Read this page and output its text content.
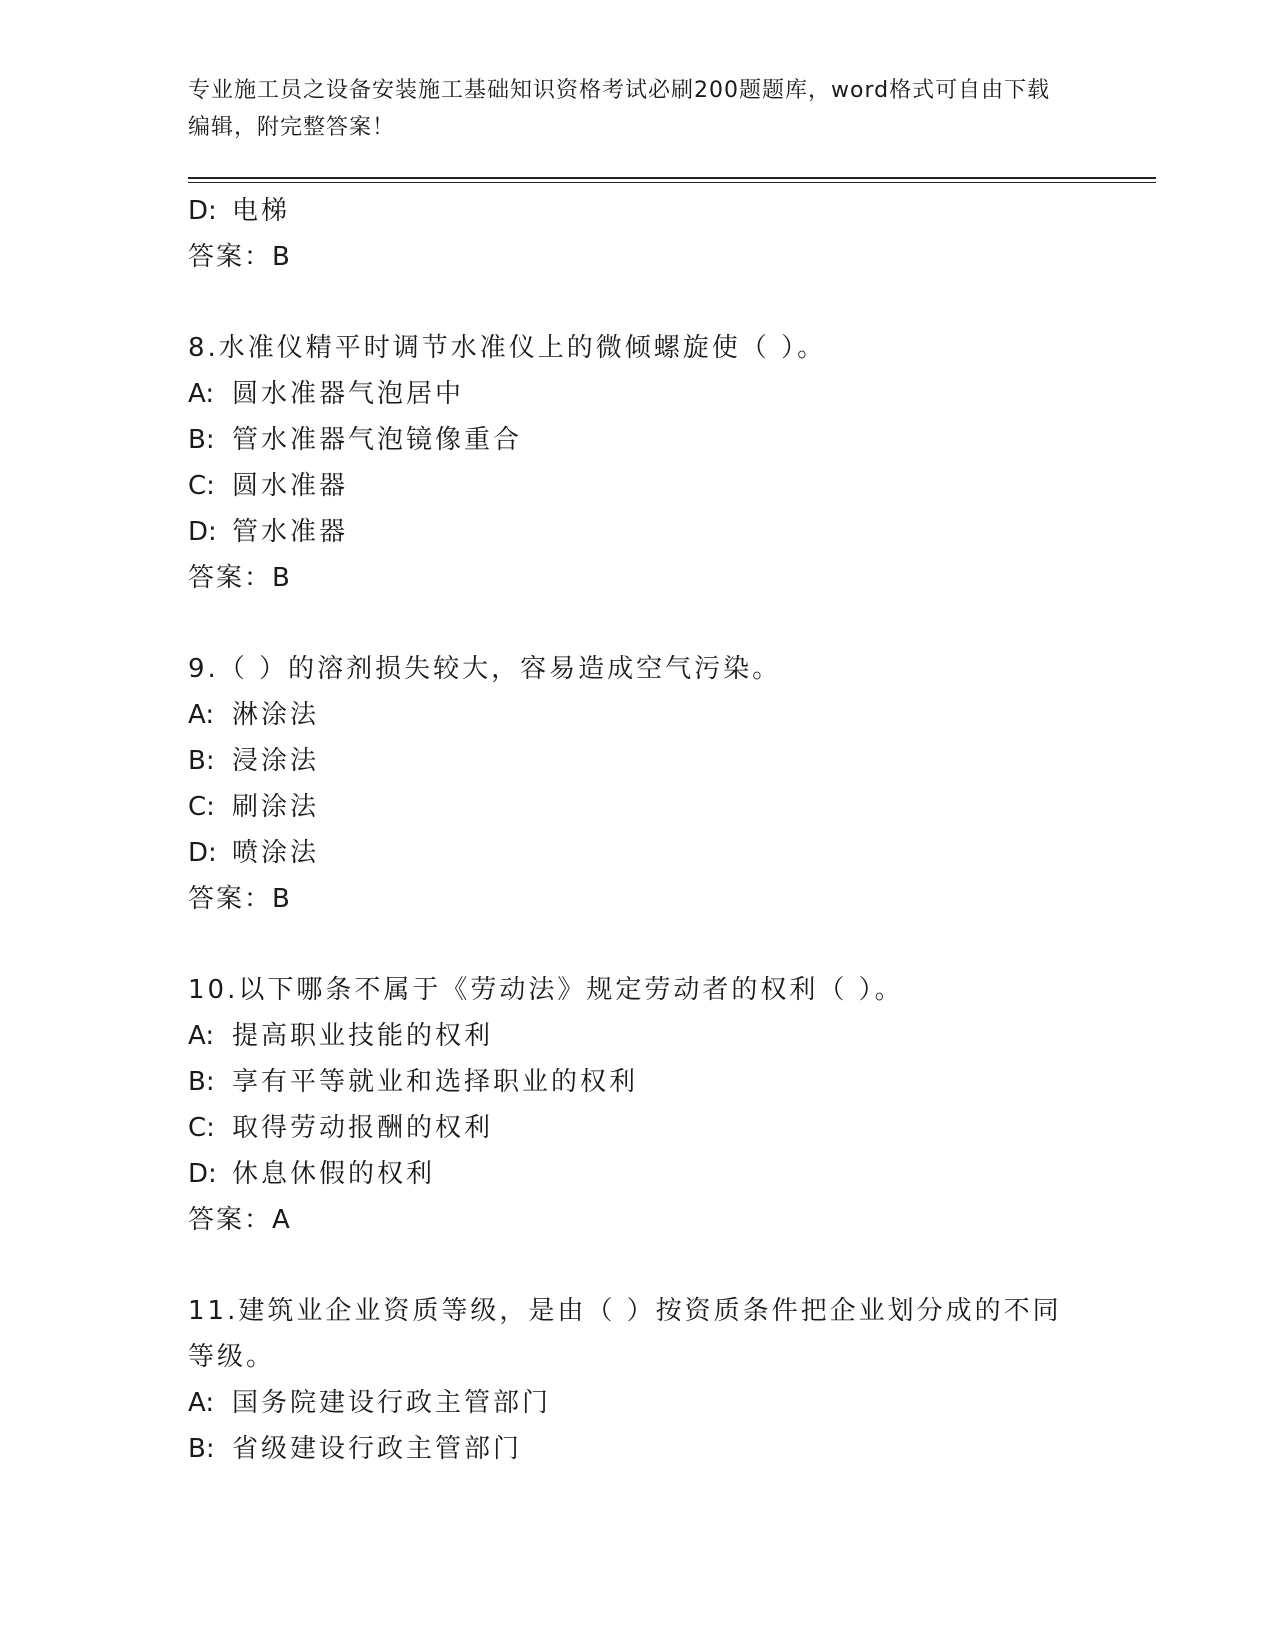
专业施工员之设备安装施工基础知识资格考试必刷200题题库，word格式可自由下载编辑，附完整答案！
D: 电梯
答案：B
8.水准仪精平时调节水准仪上的微倾螺旋使（ ）。
A: 圆水准器气泡居中
B: 管水准器气泡镜像重合
C: 圆水准器
D: 管水准器
答案：B
9.（ ）的溶剂损失较大，容易造成空气污染。
A: 淋涂法
B: 浸涂法
C: 刷涂法
D: 喷涂法
答案：B
10.以下哪条不属于《劳动法》规定劳动者的权利（ ）。
A: 提高职业技能的权利
B: 享有平等就业和选择职业的权利
C: 取得劳动报酬的权利
D: 休息休假的权利
答案：A
11.建筑业企业资质等级，是由（ ）按资质条件把企业划分成的不同等级。
A: 国务院建设行政主管部门
B: 省级建设行政主管部门
